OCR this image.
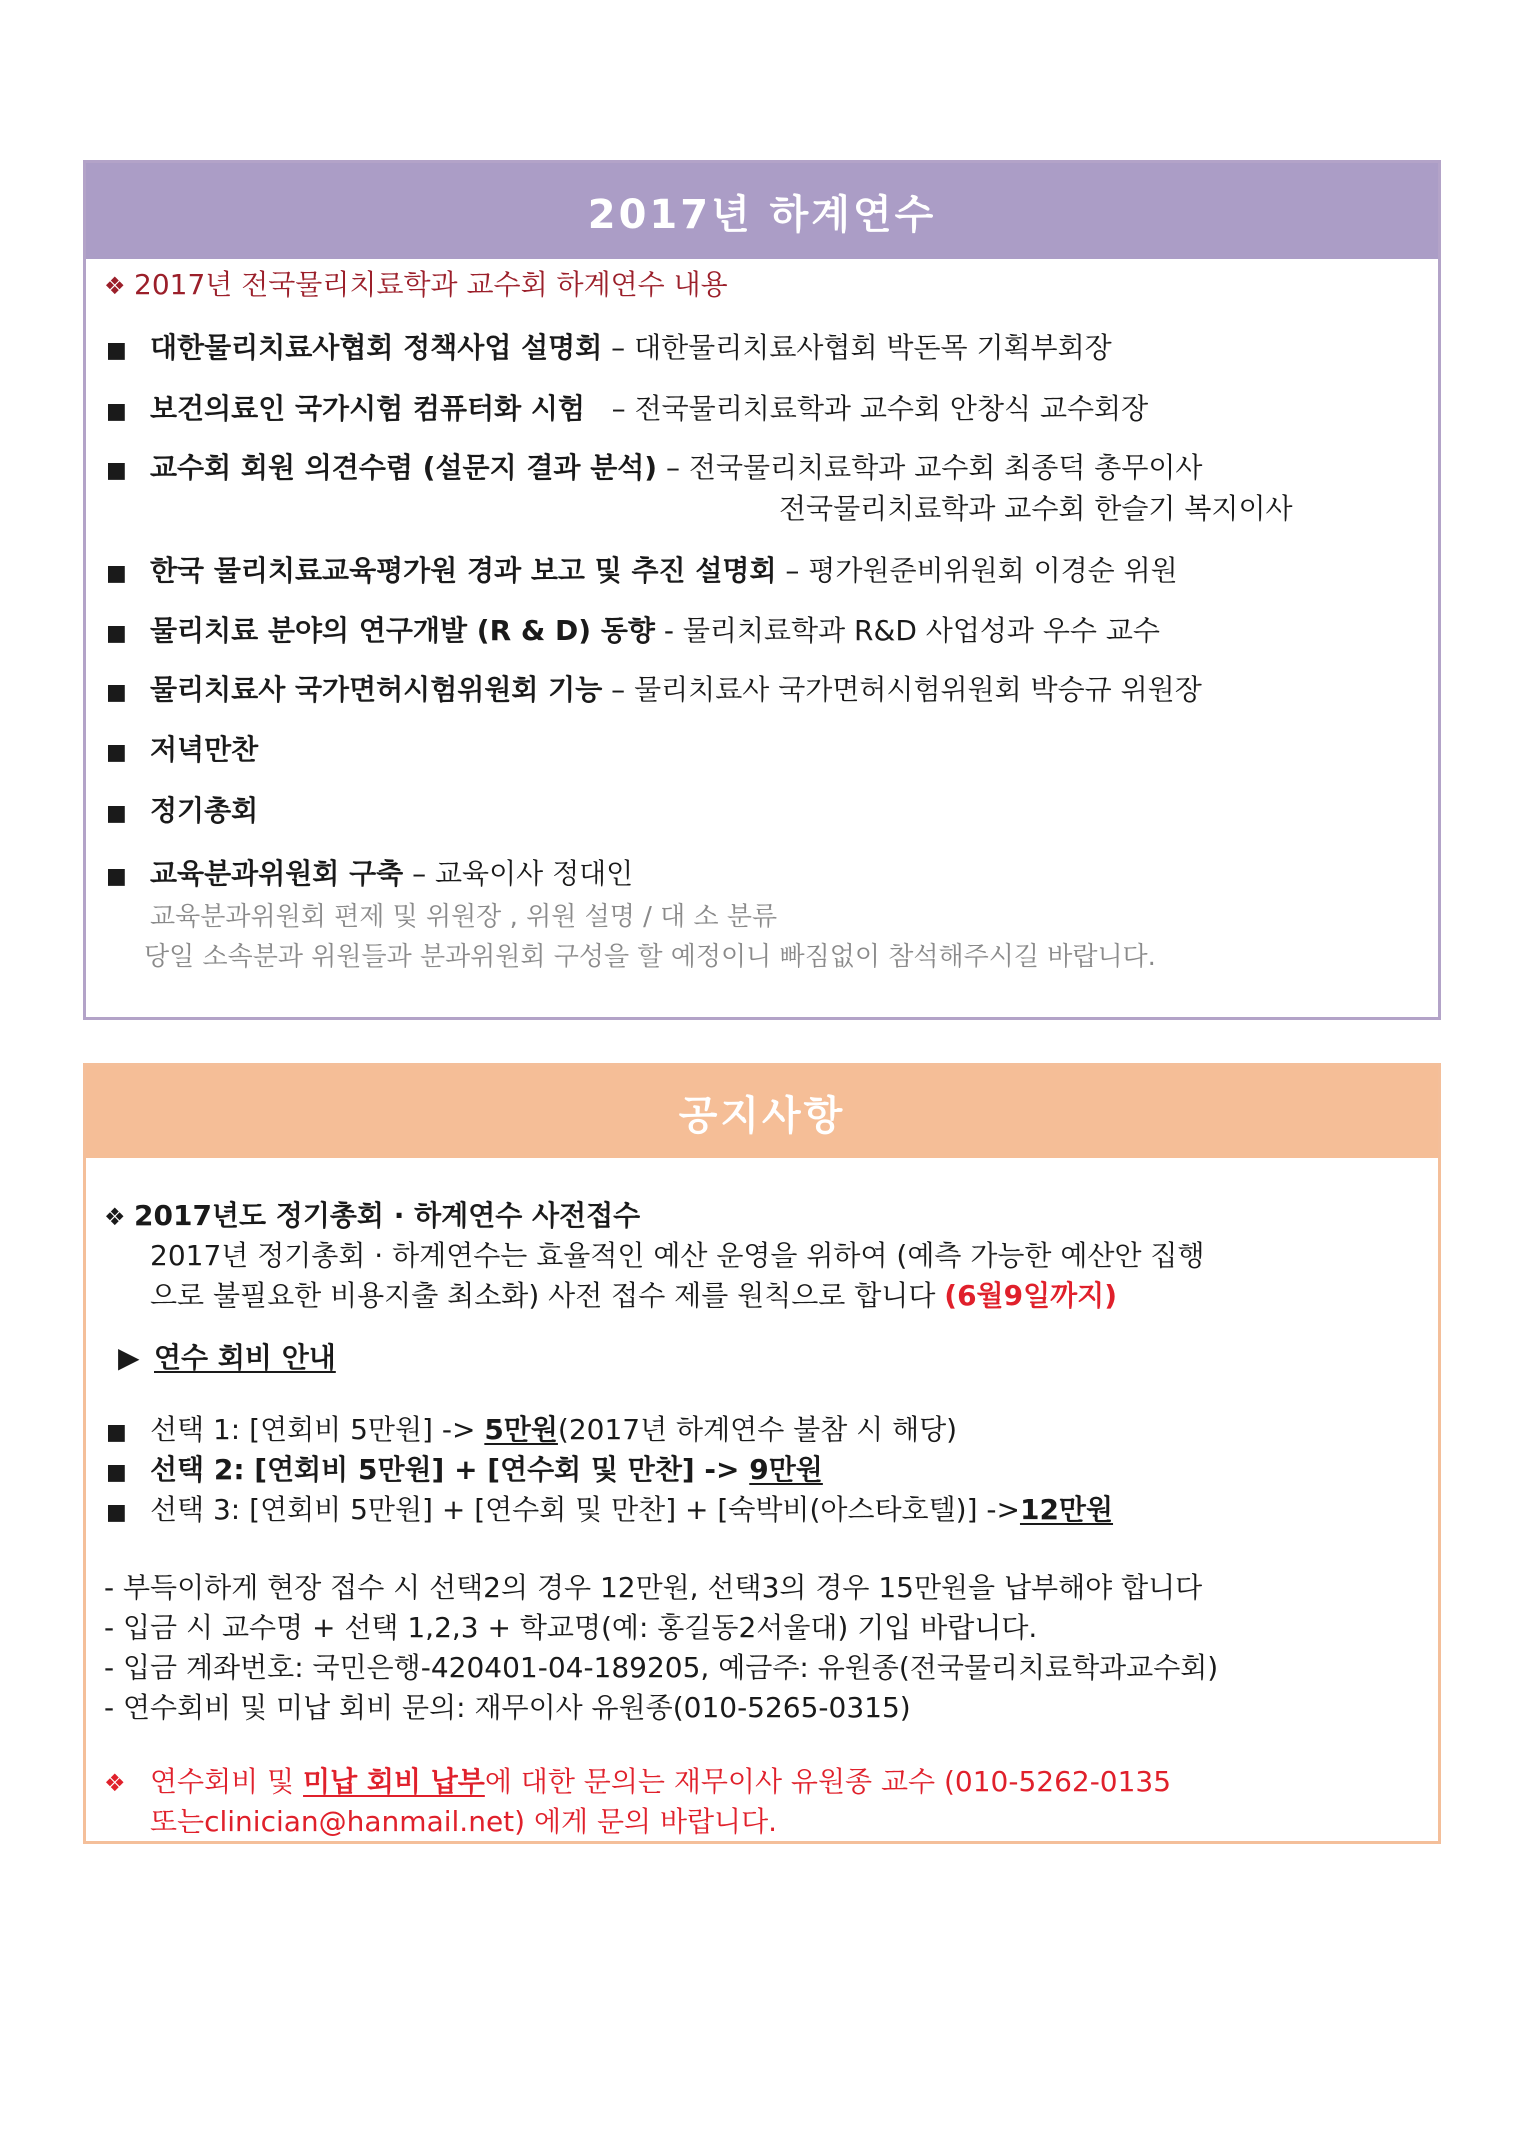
2017년 하계연수
❖ 2017년 전국물리치료학과 교수회 하계연수 내용
■ 대한물리치료사협회 정책사업 설명회 – 대한물리치료사협회 박돈목 기획부회장
■ 보건의료인 국가시험 컴퓨터화 시험   – 전국물리치료학과 교수회 안창식 교수회장
■ 교수회 회원 의견수렴 (설문지 결과 분석) – 전국물리치료학과 교수회 최종덕 총무이사
전국물리치료학과 교수회 한슬기 복지이사
■ 한국 물리치료교육평가원 경과 보고 및 추진 설명회 – 평가원준비위원회 이경순 위원
■ 물리치료 분야의 연구개발 (R & D) 동향 - 물리치료학과 R&D 사업성과 우수 교수
■ 물리치료사 국가면허시험위원회 기능 – 물리치료사 국가면허시험위원회 박승규 위원장
■ 저녁만찬
■ 정기총회
■ 교육분과위원회 구축 – 교육이사 정대인
교육분과위원회 편제 및 위원장 , 위원 설명 / 대 소 분류
당일 소속분과 위원들과 분과위원회 구성을 할 예정이니 빠짐없이 참석해주시길 바랍니다.
공지사항
❖ 2017년도 정기총회 · 하계연수 사전접수
2017년 정기총회 · 하계연수는 효율적인 예산 운영을 위하여 (예측 가능한 예산안 집행
으로 불필요한 비용지출 최소화) 사전 접수 제를 원칙으로 합니다 (6월9일까지)
▶ 연수 회비 안내
■ 선택 1: [연회비 5만원] -> 5만원(2017년 하계연수 불참 시 해당)
■ 선택 2: [연회비 5만원] + [연수회 및 만찬] -> 9만원
■ 선택 3: [연회비 5만원] + [연수회 및 만찬] + [숙박비(아스타호텔)] ->12만원
- 부득이하게 현장 접수 시 선택2의 경우 12만원, 선택3의 경우 15만원을 납부해야 합니다
- 입금 시 교수명 + 선택 1,2,3 + 학교명(예: 홍길동2서울대) 기입 바랍니다.
- 입금 계좌번호: 국민은행-420401-04-189205, 예금주: 유원종(전국물리치료학과교수회)
- 연수회비 및 미납 회비 문의: 재무이사 유원종(010-5265-0315)
❖ 연수회비 및 미납 회비 납부에 대한 문의는 재무이사 유원종 교수 (010-5262-0135
또는clinician@hanmail.net) 에게 문의 바랍니다.
